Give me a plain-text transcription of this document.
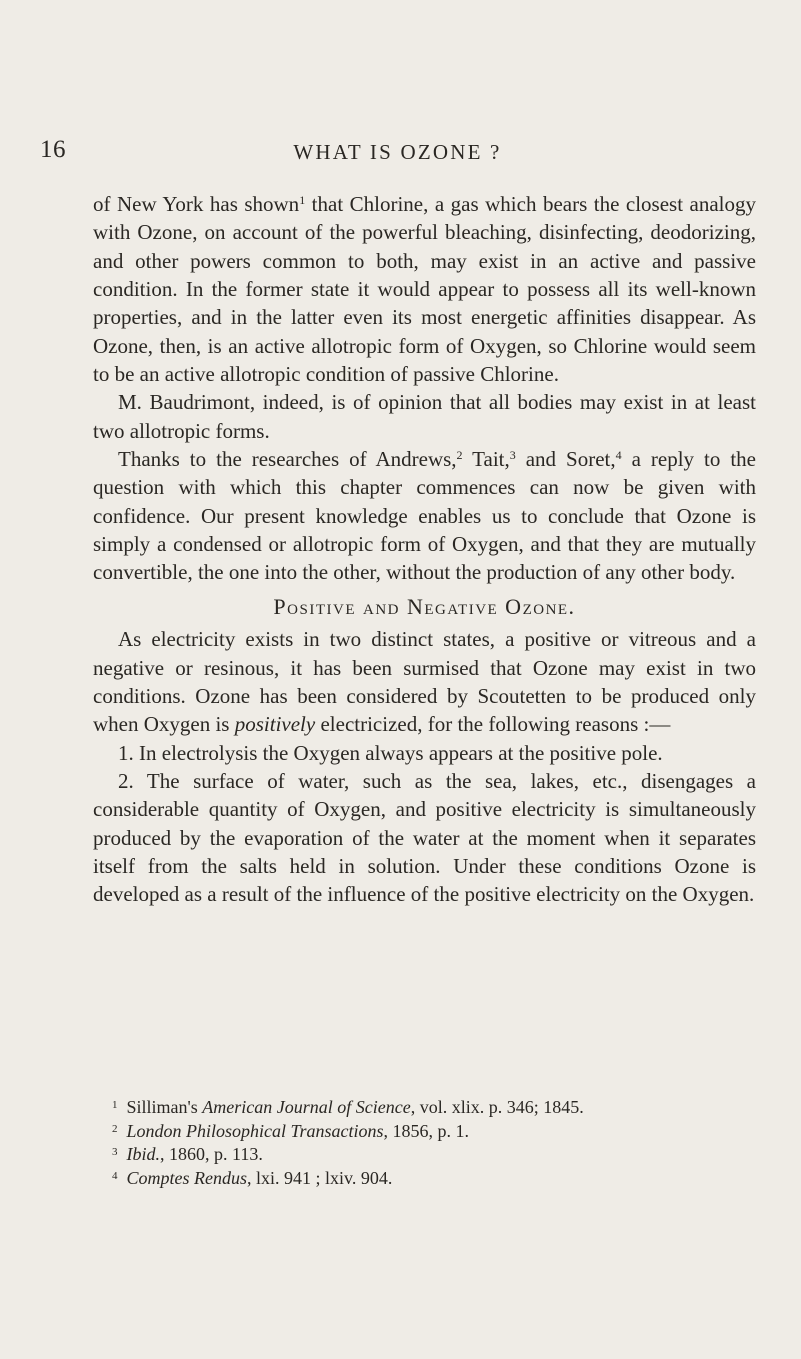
16	WHAT IS OZONE ?

of New York has shown$^1$ that Chlorine, a gas which bears the closest analogy with Ozone, on account of the powerful bleaching, disinfecting, deodorizing, and other powers common to both, may exist in an active and passive condition. In the former state it would appear to possess all its well-known properties, and in the latter even its most energetic affinities disappear. As Ozone, then, is an active allotropic form of Oxygen, so Chlorine would seem to be an active allotropic condition of passive Chlorine.

M. Baudrimont, indeed, is of opinion that all bodies may exist in at least two allotropic forms.

Thanks to the researches of Andrews,$^2$ Tait,$^3$ and Soret,$^4$ a reply to the question with which this chapter commences can now be given with confidence. Our present knowledge enables us to conclude that Ozone is simply a condensed or allotropic form of Oxygen, and that they are mutually convertible, the one into the other, without the production of any other body.

Positive and Negative Ozone.

As electricity exists in two distinct states, a positive or vitreous and a negative or resinous, it has been surmised that Ozone may exist in two conditions. Ozone has been considered by Scoutetten to be produced only when Oxygen is positively electricized, for the following reasons :—

1. In electrolysis the Oxygen always appears at the positive pole.

2. The surface of water, such as the sea, lakes, etc., disengages a considerable quantity of Oxygen, and positive electricity is simultaneously produced by the evaporation of the water at the moment when it separates itself from the salts held in solution. Under these conditions Ozone is developed as a result of the influence of the positive electricity on the Oxygen.

$^1$ Silliman's American Journal of Science, vol. xlix. p. 346; 1845.
$^2$ London Philosophical Transactions, 1856, p. 1.
$^3$ Ibid., 1860, p. 113.
$^4$ Comptes Rendus, lxi. 941 ; lxiv. 904.
